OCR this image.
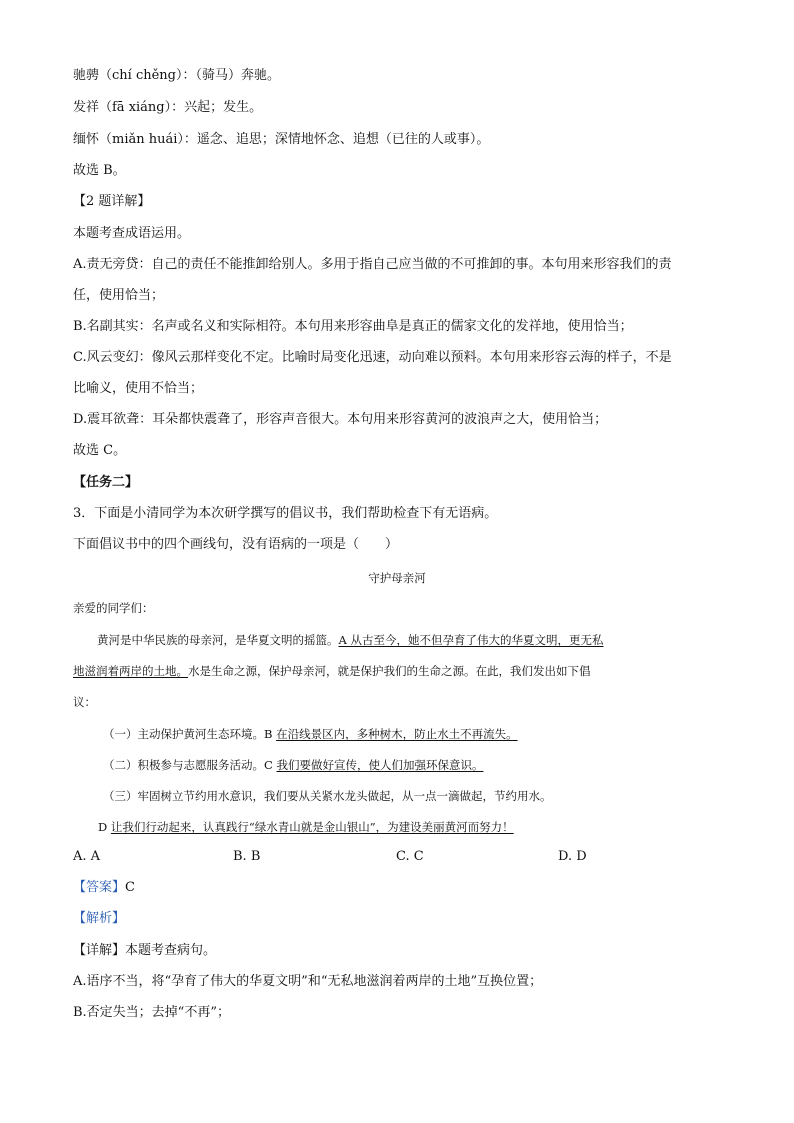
驰骋（chí chěng）：（骑马）奔驰。
发祥（fā xiáng）：兴起；发生。
缅怀（miǎn huái）：遥念、追思；深情地怀念、追想（已往的人或事）。
故选 B。
【2 题详解】
本题考查成语运用。
A.责无旁贷：自己的责任不能推卸给别人。多用于指自己应当做的不可推卸的事。本句用来形容我们的责
任，使用恰当；
B.名副其实：名声或名义和实际相符。本句用来形容曲阜是真正的儒家文化的发祥地，使用恰当；
C.风云变幻：像风云那样变化不定。比喻时局变化迅速，动向难以预料。本句用来形容云海的样子，不是
比喻义，使用不恰当；
D.震耳欲聋：耳朵都快震聋了，形容声音很大。本句用来形容黄河的波浪声之大，使用恰当；
故选 C。
【任务二】
3．下面是小清同学为本次研学撰写的倡议书，我们帮助检查下有无语病。
下面倡议书中的四个画线句，没有语病的一项是（　　）
守护母亲河
亲爱的同学们：
黄河是中华民族的母亲河，是华夏文明的摇篮。A 从古至今，她不但孕育了伟大的华夏文明，更无私
地滋润着两岸的土地。水是生命之源，保护母亲河，就是保护我们的生命之源。在此，我们发出如下倡
议：
（一）主动保护黄河生态环境。B 在沿线景区内，多种树木，防止水土不再流失。
（二）积极参与志愿服务活动。C 我们要做好宣传，使人们加强环保意识。
（三）牢固树立节约用水意识，我们要从关紧水龙头做起，从一点一滴做起，节约用水。
D 让我们行动起来，认真践行“绿水青山就是金山银山”，为建设美丽黄河而努力！
A. A	B. B	C. C	D. D
【答案】C
【解析】
【详解】本题考查病句。
A.语序不当，将“孕育了伟大的华夏文明”和“无私地滋润着两岸的土地”互换位置；
B.否定失当；去掉“不再”；
